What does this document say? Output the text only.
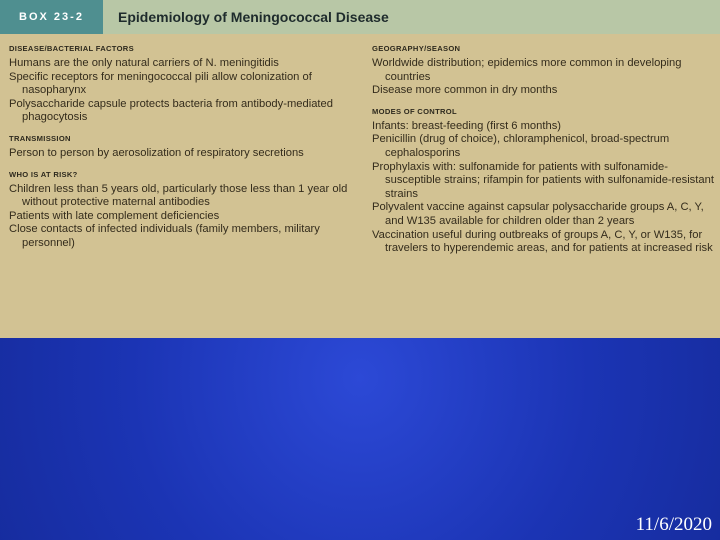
BOX 23-2	Epidemiology of Meningococcal Disease
DISEASE/BACTERIAL FACTORS
Humans are the only natural carriers of N. meningitidis
Specific receptors for meningococcal pili allow colonization of nasopharynx
Polysaccharide capsule protects bacteria from antibody-mediated phagocytosis
TRANSMISSION
Person to person by aerosolization of respiratory secretions
WHO IS AT RISK?
Children less than 5 years old, particularly those less than 1 year old without protective maternal antibodies
Patients with late complement deficiencies
Close contacts of infected individuals (family members, military personnel)
GEOGRAPHY/SEASON
Worldwide distribution; epidemics more common in developing countries
Disease more common in dry months
MODES OF CONTROL
Infants: breast-feeding (first 6 months)
Penicillin (drug of choice), chloramphenicol, broad-spectrum cephalosporins
Prophylaxis with: sulfonamide for patients with sulfonamide-susceptible strains; rifampin for patients with sulfonamide-resistant strains
Polyvalent vaccine against capsular polysaccharide groups A, C, Y, and W135 available for children older than 2 years
Vaccination useful during outbreaks of groups A, C, Y, or W135, for travelers to hyperendemic areas, and for patients at increased risk
11/6/2020
